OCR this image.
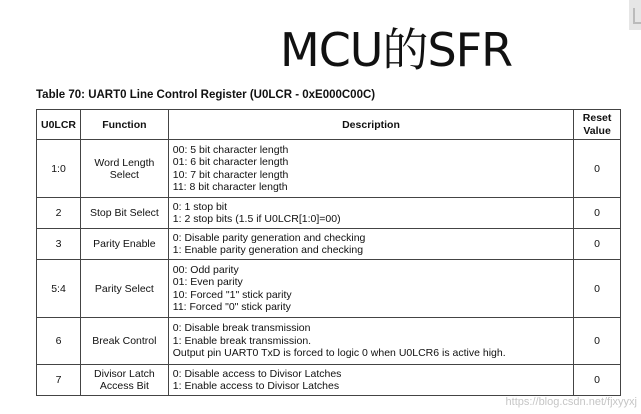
MCU的SFR
Table 70: UART0 Line Control Register (U0LCR - 0xE000C00C)
U0LCR	Function	Description	Reset
Value

1:0	Word Length
Select	00: 5 bit character length
01: 6 bit character length
10: 7 bit character length
11: 8 bit character length	0
2	Stop Bit Select	0: 1 stop bit
1: 2 stop bits (1.5 if U0LCR[1:0]=00)	0
3	Parity Enable	0: Disable parity generation and checking
1: Enable parity generation and checking	0
5:4	Parity Select	00: Odd parity
01: Even parity
10: Forced "1" stick parity
11: Forced "0" stick parity	0
6	Break Control	0: Disable break transmission
1: Enable break transmission.
Output pin UART0 TxD is forced to logic 0 when U0LCR6 is active high.	0
7	Divisor Latch
Access Bit	0: Disable access to Divisor Latches
1: Enable access to Divisor Latches	0
https://blog.csdn.net/fjxyyxj
